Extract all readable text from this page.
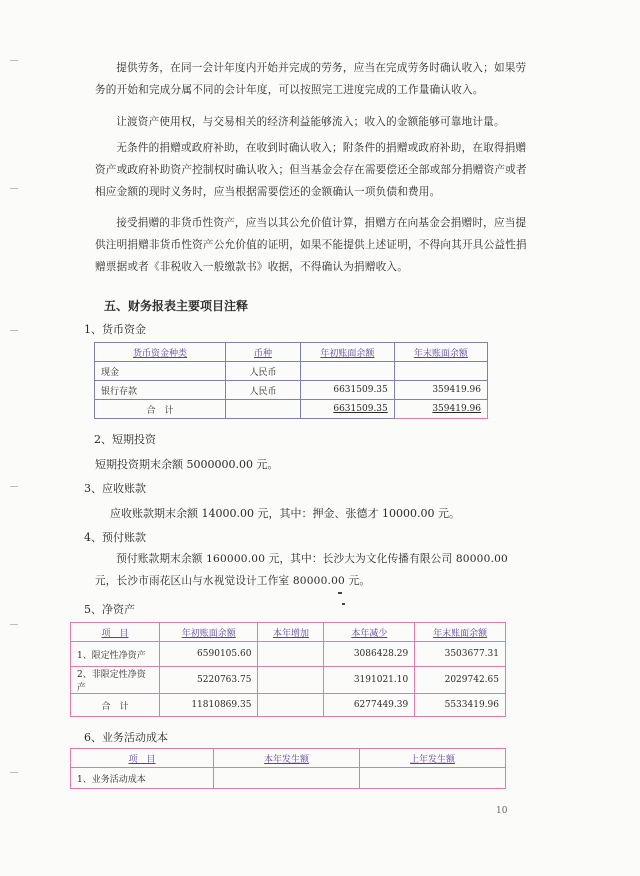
提供劳务，在同一会计年度内开始并完成的劳务，应当在完成劳务时确认收入；如果劳务的开始和完成分属不同的会计年度，可以按照完工进度完成的工作量确认收入。

让渡资产使用权，与交易相关的经济利益能够流入；收入的金额能够可靠地计量。

无条件的捐赠或政府补助，在收到时确认收入；附条件的捐赠或政府补助，在取得捐赠资产或政府补助资产控制权时确认收入；但当基金会存在需要偿还全部或部分捐赠资产或者相应金额的现时义务时，应当根据需要偿还的金额确认一项负债和费用。

接受捐赠的非货币性资产，应当以其公允价值计算，捐赠方在向基金会捐赠时，应当提供注明捐赠非货币性资产公允价值的证明，如果不能提供上述证明，不得向其开具公益性捐赠票据或者《非税收入一般缴款书》收据，不得确认为捐赠收入。

五、财务报表主要项目注释
1、货币资金
货币资金种类	币种	年初账面余额	年末账面余额
现金	人民币		
银行存款	人民币	6631509.35	359419.96
合　计		6631509.35	359419.96
2、短期投资
短期投资期末余额 5000000.00 元。
3、应收账款
应收账款期末余额 14000.00 元，其中：押金、张德才 10000.00 元。
4、预付账款

预付账款期末余额 160000.00 元，其中：长沙大为文化传播有限公司 80000.00 元，长沙市雨花区山与水视觉设计工作室 80000.00 元。

5、净资产
项　目	年初账面余额	本年增加	本年减少	年末账面余额
1、限定性净资产	6590105.60		3086428.29	3503677.31
2、非限定性净资产	5220763.75		3191021.10	2029742.65
合　计	11810869.35		6277449.39	5533419.96
6、业务活动成本
项　目	本年发生额	上年发生额
1、业务活动成本		
10
